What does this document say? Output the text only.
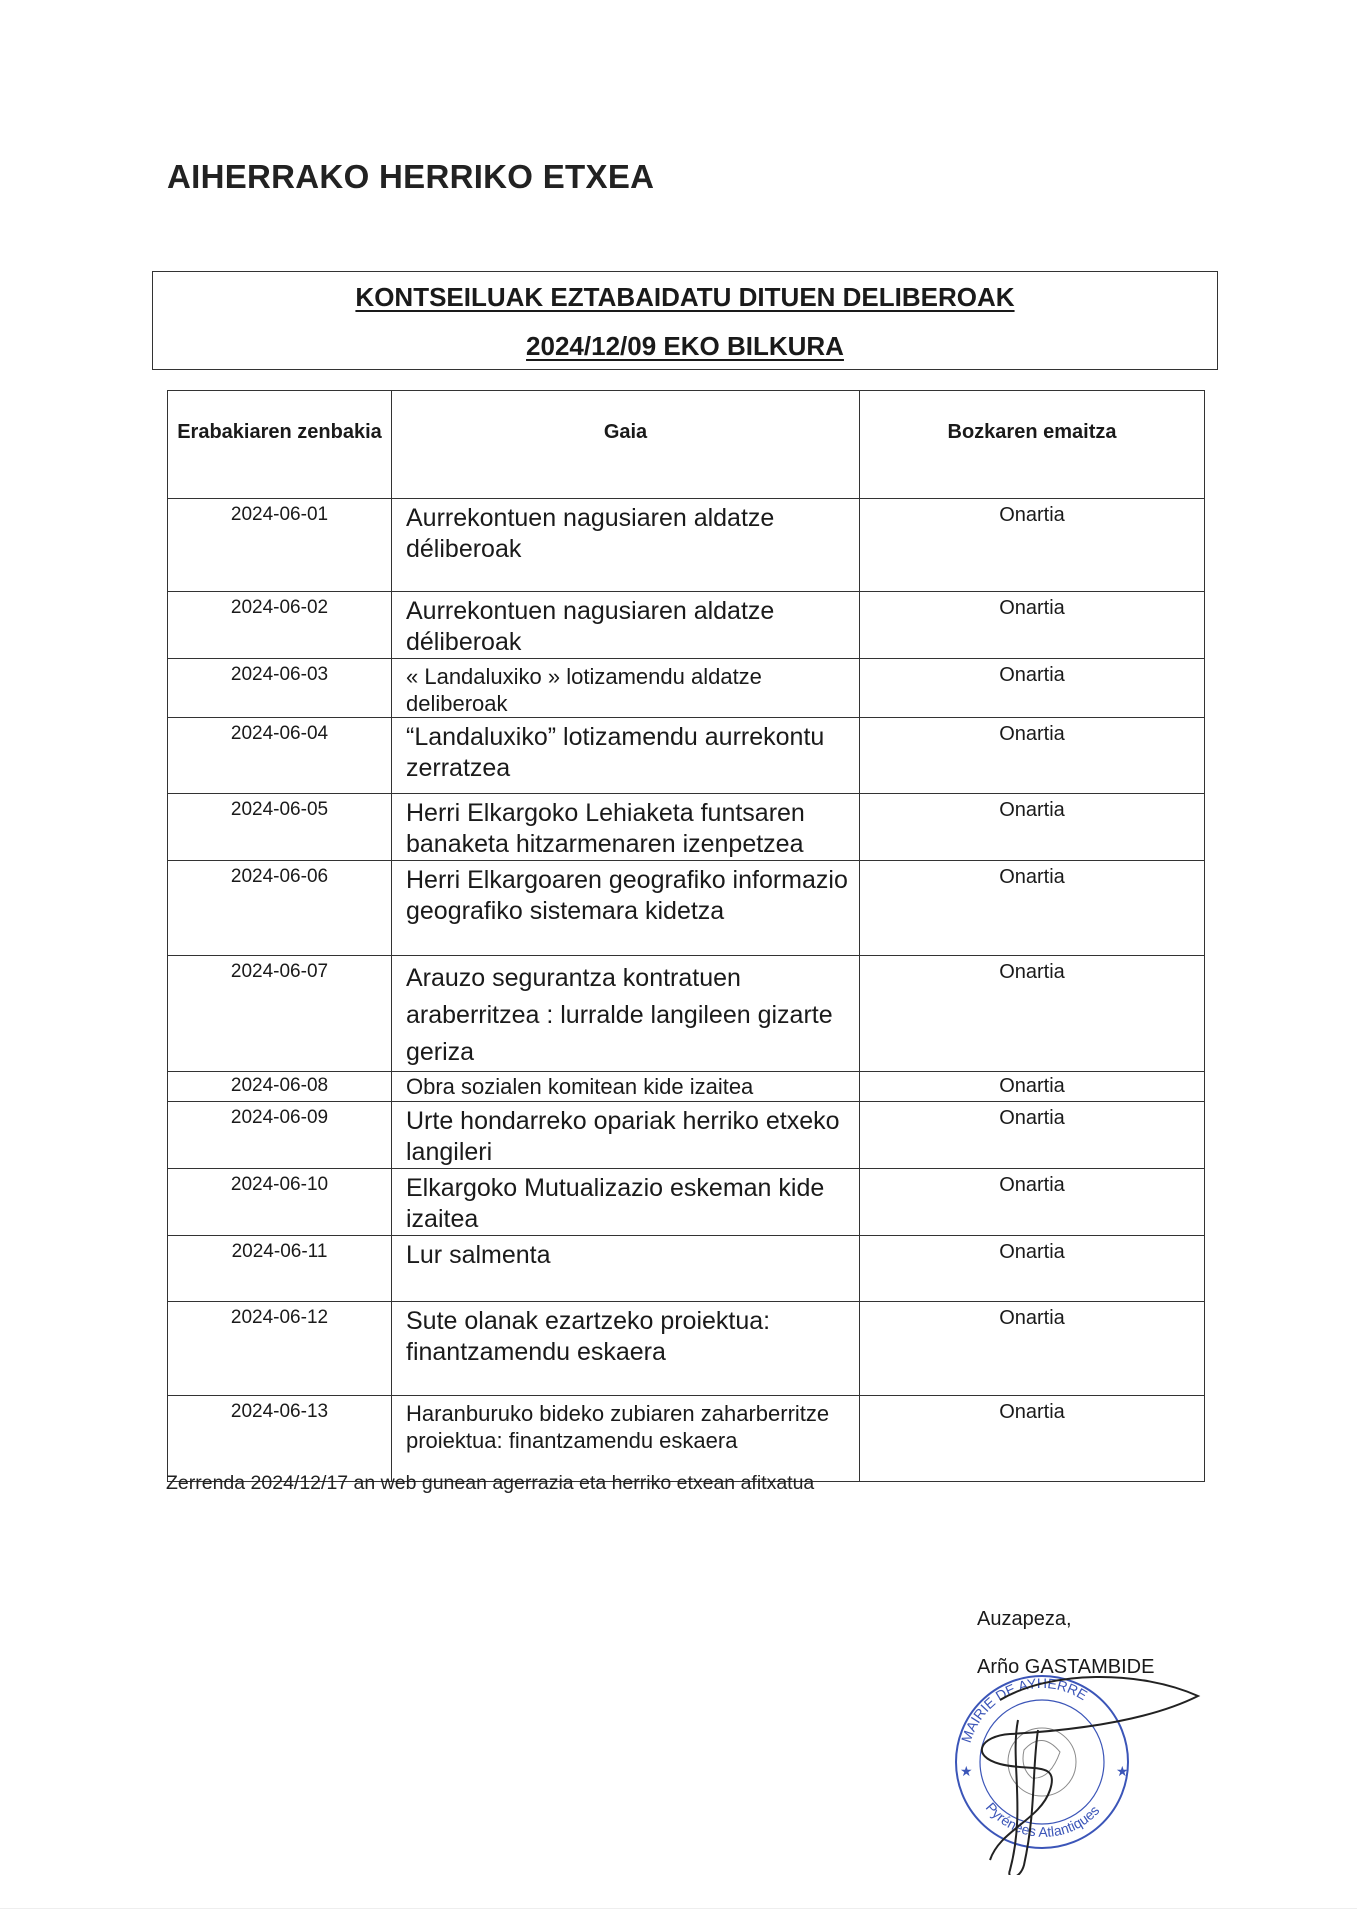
AIHERRAKO HERRIKO ETXEA
KONTSEILUAK EZTABAIDATU DITUEN DELIBEROAK
2024/12/09 EKO BILKURA
Erabakiaren zenbakia	Gaia	Bozkaren emaitza
2024-06-01	Aurrekontuen nagusiaren aldatze déliberoak	Onartia
2024-06-02	Aurrekontuen nagusiaren aldatze déliberoak	Onartia
2024-06-03	« Landaluxiko » lotizamendu aldatze deliberoak	Onartia
2024-06-04	“Landaluxiko” lotizamendu aurrekontu zerratzea	Onartia
2024-06-05	Herri Elkargoko Lehiaketa funtsaren banaketa hitzarmenaren izenpetzea	Onartia
2024-06-06	Herri Elkargoaren geografiko informazio geografiko sistemara kidetza	Onartia
2024-06-07	Arauzo segurantza kontratuen araberritzea : lurralde langileen gizarte geriza	Onartia
2024-06-08	Obra sozialen komitean kide izaitea	Onartia
2024-06-09	Urte hondarreko opariak herriko etxeko langileri	Onartia
2024-06-10	Elkargoko Mutualizazio eskeman kide izaitea	Onartia
2024-06-11	Lur salmenta	Onartia
2024-06-12	Sute olanak ezartzeko proiektua: finantzamendu eskaera	Onartia
2024-06-13	Haranburuko bideko zubiaren zaharberritze proiektua: finantzamendu eskaera	Onartia
Zerrenda 2024/12/17 an web gunean agerrazia eta herriko etxean afitxatua
Auzapeza,
Arño GASTAMBIDE
MAIRIE DE AYHERRE
Pyrénées Atlantiques
★	★
